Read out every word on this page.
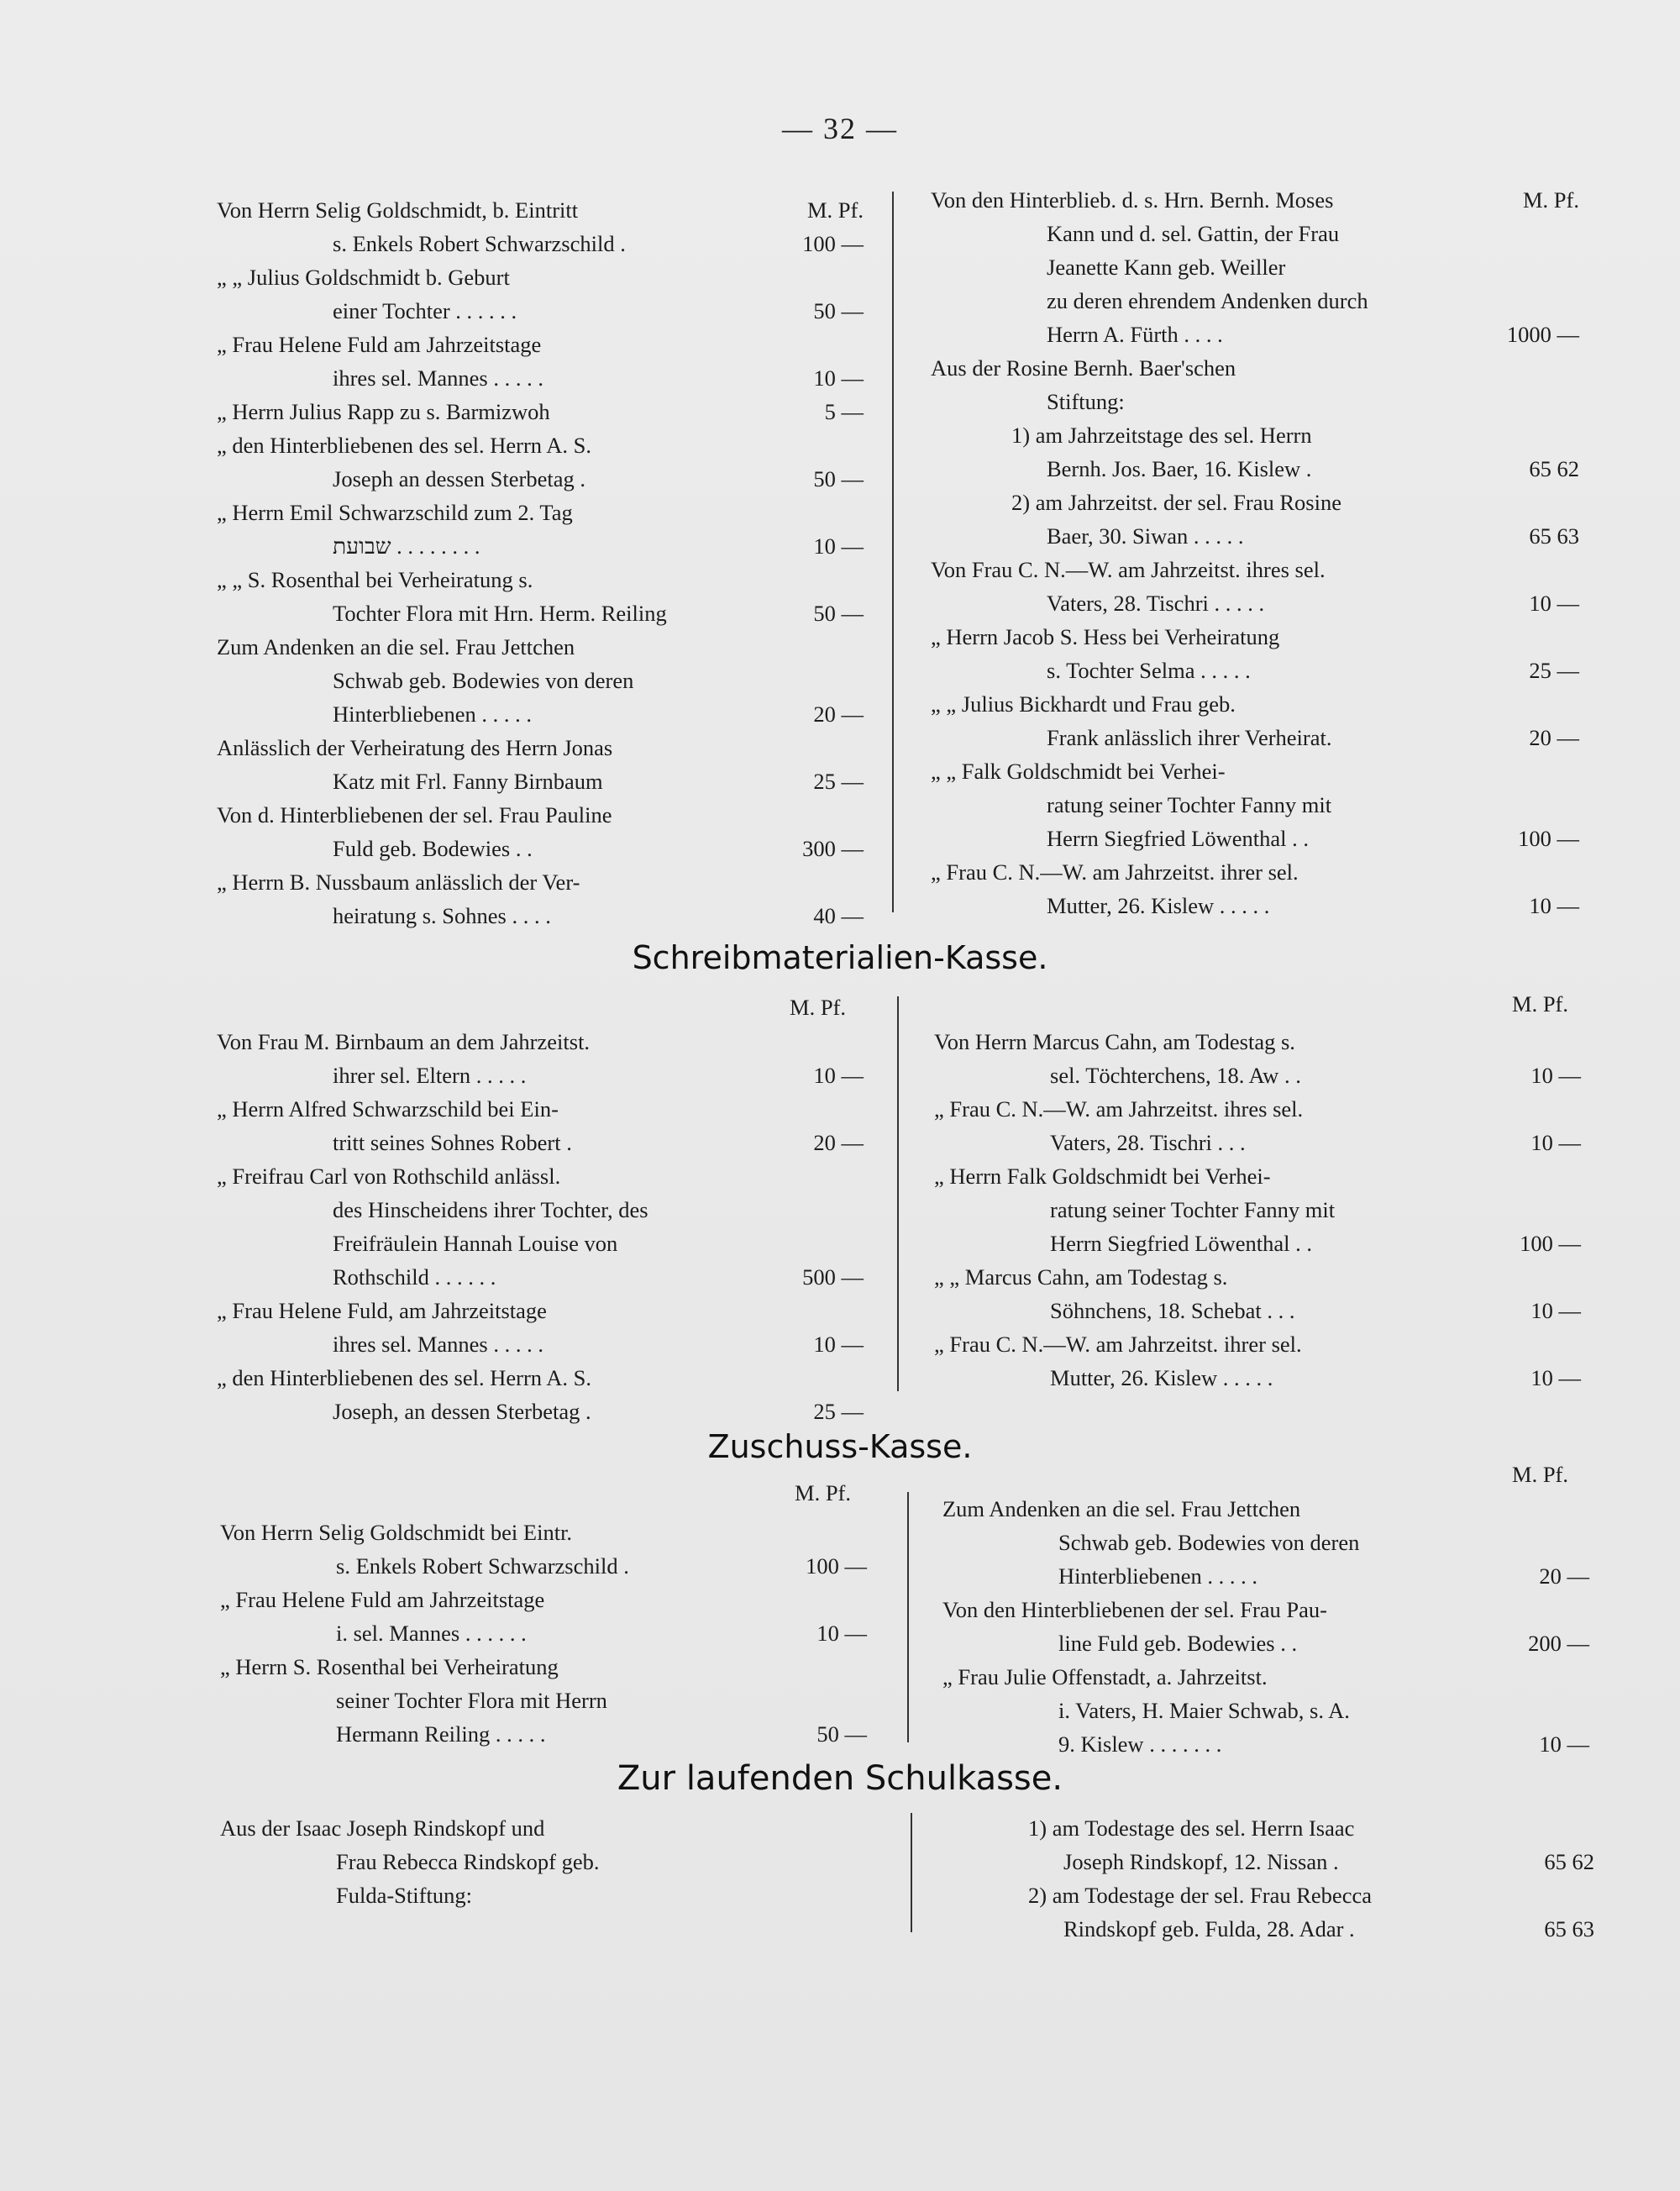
— 32 —
Von Herrn Selig Goldschmidt, b. Eintritt	M. Pf.
s. Enkels Robert Schwarzschild .	100 —
„ „ Julius Goldschmidt b. Geburt
einer Tochter . . . . . .	50 —
„ Frau Helene Fuld am Jahrzeitstage
ihres sel. Mannes . . . . .	10 —
„ Herrn Julius Rapp zu s. Barmizwoh	5 —
„ den Hinterbliebenen des sel. Herrn A. S.
Joseph an dessen Sterbetag .	50 —
„ Herrn Emil Schwarzschild zum 2. Tag
שבועת . . . . . . . .	10 —
„ „ S. Rosenthal bei Verheiratung s.
Tochter Flora mit Hrn. Herm. Reiling	50 —
Zum Andenken an die sel. Frau Jettchen
Schwab geb. Bodewies von deren
Hinterbliebenen . . . . .	20 —
Anlässlich der Verheiratung des Herrn Jonas
Katz mit Frl. Fanny Birnbaum	25 —
Von d. Hinterbliebenen der sel. Frau Pauline
Fuld geb. Bodewies . .	300 —
„ Herrn B. Nussbaum anlässlich der Ver-
heiratung s. Sohnes . . . .	40 —
Von den Hinterblieb. d. s. Hrn. Bernh. Moses	M. Pf.
Kann und d. sel. Gattin, der Frau
Jeanette Kann geb. Weiller
zu deren ehrendem Andenken durch
Herrn A. Fürth . . . .	1000 —
Aus der Rosine Bernh. Baer'schen
Stiftung:
1) am Jahrzeitstage des sel. Herrn
Bernh. Jos. Baer, 16. Kislew .	65 62
2) am Jahrzeitst. der sel. Frau Rosine
Baer, 30. Siwan . . . . .	65 63
Von Frau C. N.—W. am Jahrzeitst. ihres sel.
Vaters, 28. Tischri . . . . .	10 —
„ Herrn Jacob S. Hess bei Verheiratung
s. Tochter Selma . . . . .	25 —
„ „ Julius Bickhardt und Frau geb.
Frank anlässlich ihrer Verheirat.	20 —
„ „ Falk Goldschmidt bei Verhei-
ratung seiner Tochter Fanny mit
Herrn Siegfried Löwenthal . .	100 —
„ Frau C. N.—W. am Jahrzeitst. ihrer sel.
Mutter, 26. Kislew . . . . .	10 —
Schreibmaterialien-Kasse.
M. Pf.	M. Pf.
Von Frau M. Birnbaum an dem Jahrzeitst.
ihrer sel. Eltern . . . . .	10 —
„ Herrn Alfred Schwarzschild bei Ein-
tritt seines Sohnes Robert .	20 —
„ Freifrau Carl von Rothschild anlässl.
des Hinscheidens ihrer Tochter, des
Freifräulein Hannah Louise von
Rothschild . . . . . .	500 —
„ Frau Helene Fuld, am Jahrzeitstage
ihres sel. Mannes . . . . .	10 —
„ den Hinterbliebenen des sel. Herrn A. S.
Joseph, an dessen Sterbetag .	25 —
Von Herrn Marcus Cahn, am Todestag s.
sel. Töchterchens, 18. Aw . .	10 —
„ Frau C. N.—W. am Jahrzeitst. ihres sel.
Vaters, 28. Tischri . . .	10 —
„ Herrn Falk Goldschmidt bei Verhei-
ratung seiner Tochter Fanny mit
Herrn Siegfried Löwenthal . .	100 —
„ „ Marcus Cahn, am Todestag s.
Söhnchens, 18. Schebat . . .	10 —
„ Frau C. N.—W. am Jahrzeitst. ihrer sel.
Mutter, 26. Kislew . . . . .	10 —
Zuschuss-Kasse.
M. Pf.
M. Pf.
Von Herrn Selig Goldschmidt bei Eintr.
s. Enkels Robert Schwarzschild .	100 —
„ Frau Helene Fuld am Jahrzeitstage
i. sel. Mannes . . . . . .	10 —
„ Herrn S. Rosenthal bei Verheiratung
seiner Tochter Flora mit Herrn
Hermann Reiling . . . . .	50 —
Zum Andenken an die sel. Frau Jettchen
Schwab geb. Bodewies von deren
Hinterbliebenen . . . . .	20 —
Von den Hinterbliebenen der sel. Frau Pau-
line Fuld geb. Bodewies . .	200 —
„ Frau Julie Offenstadt, a. Jahrzeitst.
i. Vaters, H. Maier Schwab, s. A.
9. Kislew . . . . . . .	10 —
Zur laufenden Schulkasse.
Aus der Isaac Joseph Rindskopf und
Frau Rebecca Rindskopf geb.
Fulda-Stiftung:
1) am Todestage des sel. Herrn Isaac
Joseph Rindskopf, 12. Nissan .	65 62
2) am Todestage der sel. Frau Rebecca
Rindskopf geb. Fulda, 28. Adar .	65 63
